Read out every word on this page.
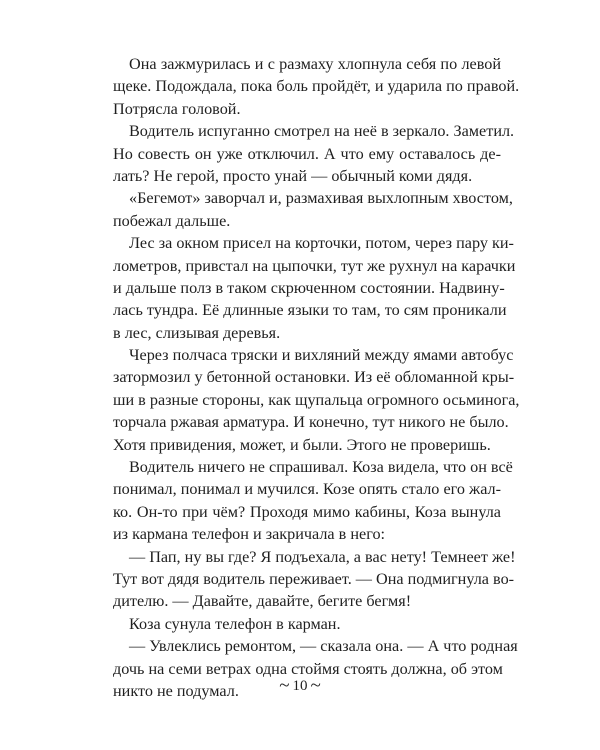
Она зажмурилась и с размаху хлопнула себя по левой
щеке. Подождала, пока боль пройдёт, и ударила по правой.
Потрясла головой.

Водитель испуганно смотрел на неё в зеркало. Заметил.
Но совесть он уже отключил. А что ему оставалось де-
лать? Не герой, просто унай — обычный коми дядя.

«Бегемот» заворчал и, размахивая выхлопным хвостом,
побежал дальше.

Лес за окном присел на корточки, потом, через пару ки-
лометров, привстал на цыпочки, тут же рухнул на карачки
и дальше полз в таком скрюченном состоянии. Надвину-
лась тундра. Её длинные языки то там, то сям проникали
в лес, слизывая деревья.

Через полчаса тряски и вихляний между ямами автобус
затормозил у бетонной остановки. Из её обломанной кры-
ши в разные стороны, как щупальца огромного осьминога,
торчала ржавая арматура. И конечно, тут никого не было.
Хотя привидения, может, и были. Этого не проверишь.

Водитель ничего не спрашивал. Коза видела, что он всё
понимал, понимал и мучился. Козе опять стало его жал-
ко. Он-то при чём? Проходя мимо кабины, Коза вынула
из кармана телефон и закричала в него:

— Пап, ну вы где? Я подъехала, а вас нету! Темнеет же!
Тут вот дядя водитель переживает. — Она подмигнула во-
дителю. — Давайте, давайте, бегите бегмя!

Коза сунула телефон в карман.

— Увлеклись ремонтом, — сказала она. — А что родная
дочь на семи ветрах одна стоймя стоять должна, об этом
никто не подумал.	~ 10 ~
